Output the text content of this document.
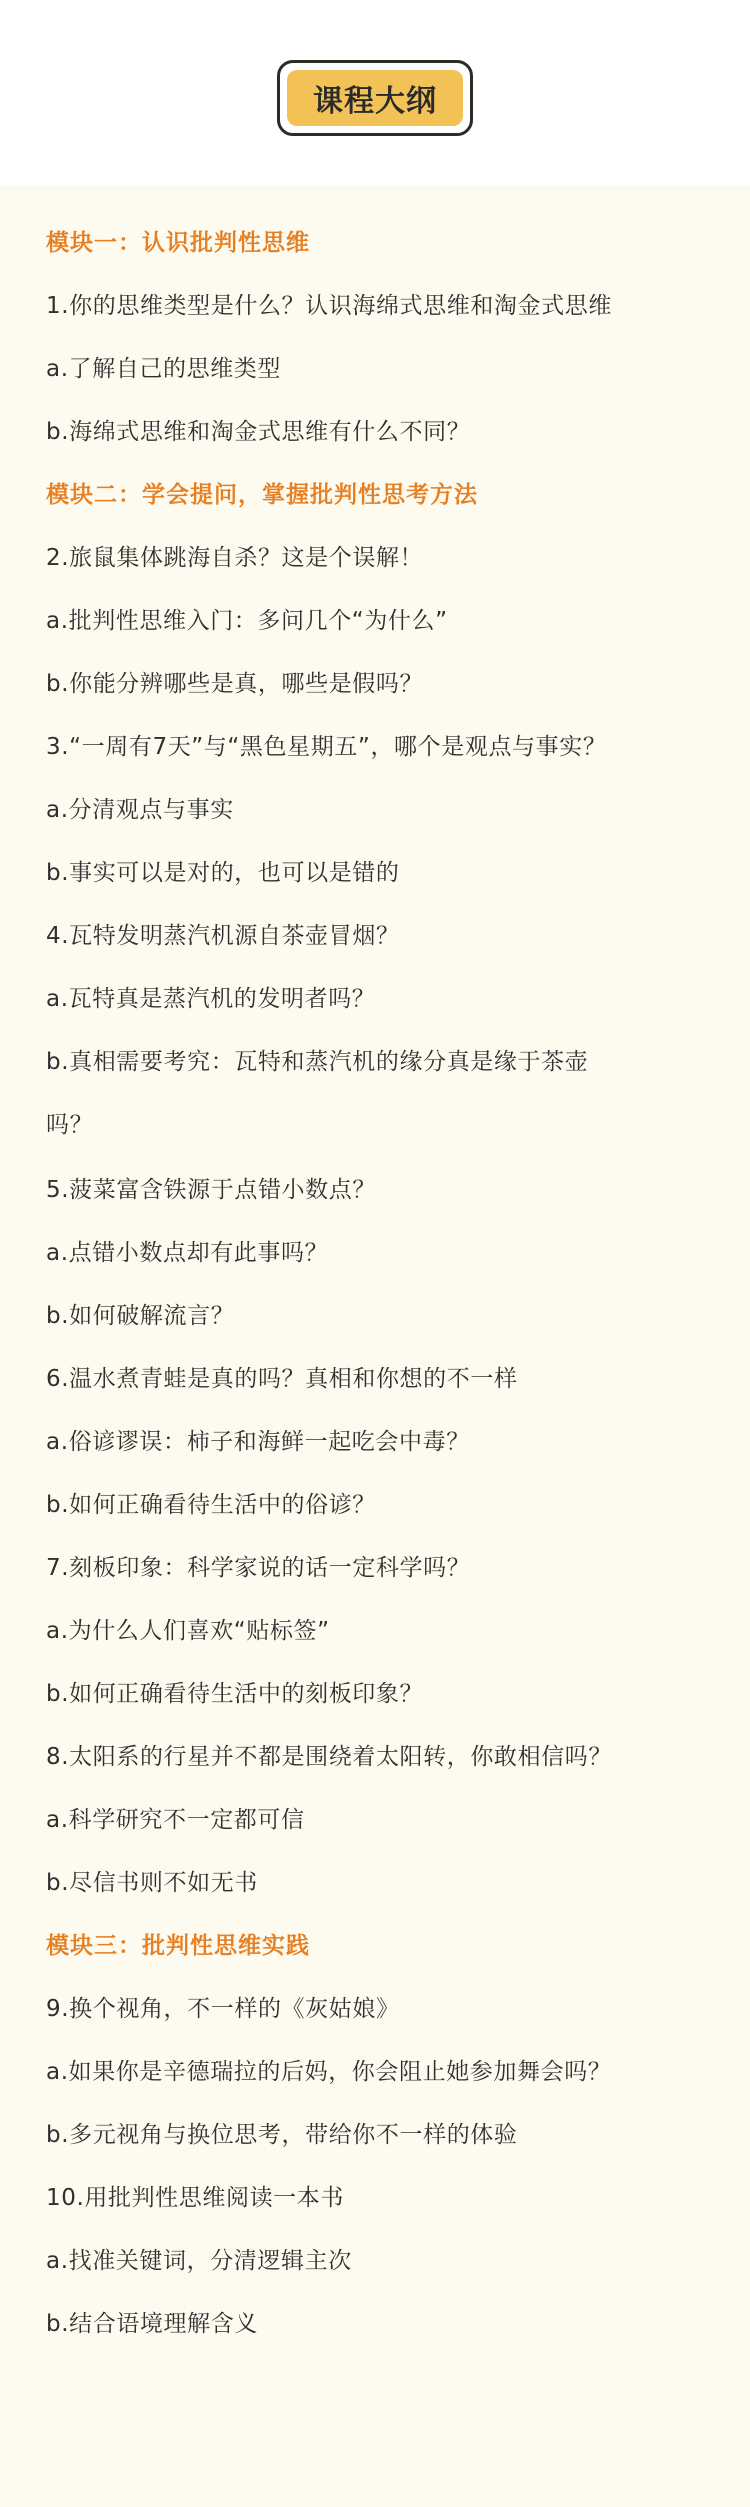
课程大纲
模块一：认识批判性思维
1.你的思维类型是什么？认识海绵式思维和淘金式思维
a.了解自己的思维类型
b.海绵式思维和淘金式思维有什么不同？
模块二：学会提问，掌握批判性思考方法
2.旅鼠集体跳海自杀？这是个误解！
a.批判性思维入门：多问几个“为什么”
b.你能分辨哪些是真，哪些是假吗？
3.“一周有7天”与“黑色星期五”，哪个是观点与事实？
a.分清观点与事实
b.事实可以是对的，也可以是错的
4.瓦特发明蒸汽机源自茶壶冒烟？
a.瓦特真是蒸汽机的发明者吗？
b.真相需要考究：瓦特和蒸汽机的缘分真是缘于茶壶
吗？
5.菠菜富含铁源于点错小数点？
a.点错小数点却有此事吗？
b.如何破解流言？
6.温水煮青蛙是真的吗？真相和你想的不一样
a.俗谚谬误：柿子和海鲜一起吃会中毒？
b.如何正确看待生活中的俗谚？
7.刻板印象：科学家说的话一定科学吗？
a.为什么人们喜欢“贴标签”
b.如何正确看待生活中的刻板印象？
8.太阳系的行星并不都是围绕着太阳转，你敢相信吗？
a.科学研究不一定都可信
b.尽信书则不如无书
模块三：批判性思维实践
9.换个视角，不一样的《灰姑娘》
a.如果你是辛德瑞拉的后妈，你会阻止她参加舞会吗？
b.多元视角与换位思考，带给你不一样的体验
10.用批判性思维阅读一本书
a.找准关键词，分清逻辑主次
b.结合语境理解含义
